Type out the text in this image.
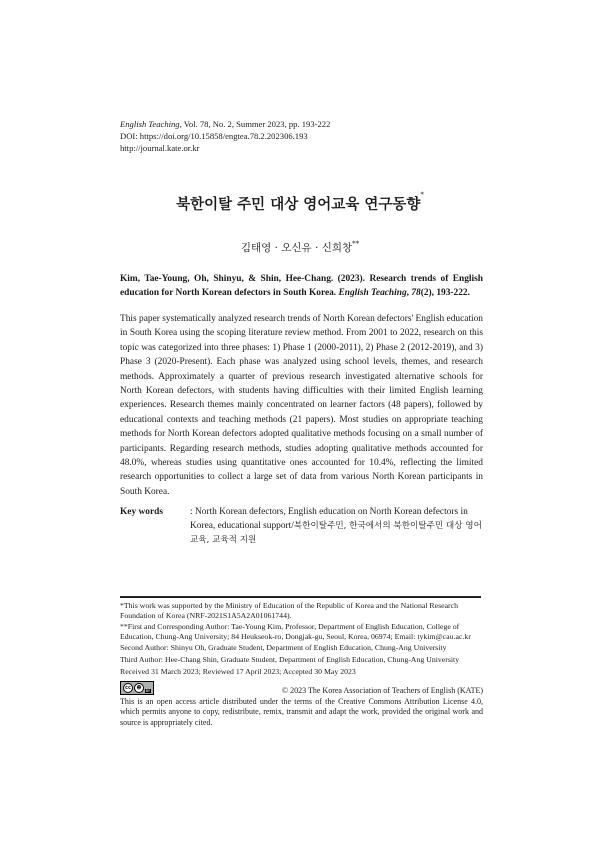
English Teaching, Vol. 78, No. 2, Summer 2023, pp. 193-222
DOI: https://doi.org/10.15858/engtea.78.2.202306.193
http://journal.kate.or.kr
북한이탈 주민 대상 영어교육 연구동향*
김태영 · 오신유 · 신희창**
Kim, Tae-Young, Oh, Shinyu, & Shin, Hee-Chang. (2023). Research trends of English education for North Korean defectors in South Korea. English Teaching, 78(2), 193-222.
This paper systematically analyzed research trends of North Korean defectors' English education in South Korea using the scoping literature review method. From 2001 to 2022, research on this topic was categorized into three phases: 1) Phase 1 (2000-2011), 2) Phase 2 (2012-2019), and 3) Phase 3 (2020-Present). Each phase was analyzed using school levels, themes, and research methods. Approximately a quarter of previous research investigated alternative schools for North Korean defectors, with students having difficulties with their limited English learning experiences. Research themes mainly concentrated on learner factors (48 papers), followed by educational contexts and teaching methods (21 papers). Most studies on appropriate teaching methods for North Korean defectors adopted qualitative methods focusing on a small number of participants. Regarding research methods, studies adopting qualitative methods accounted for 48.0%, whereas studies using quantitative ones accounted for 10.4%, reflecting the limited research opportunities to collect a large set of data from various North Korean participants in South Korea.
Key words	: North Korean defectors, English education on North Korean defectors in Korea, educational support/북한이탈주민, 한국에서의 북한이탈주민 대상 영어교육, 교육적 지원

*This work was supported by the Ministry of Education of the Republic of Korea and the National Research Foundation of Korea (NRF-2021S1A5A2A01061744).

**First and Corresponding Author: Tae-Young Kim, Professor, Department of English Education, College of Education, Chung-Ang University; 84 Heukseok-ro, Dongjak-gu, Seoul, Korea, 06974; Email: tykim@cau.ac.kr

Second Author: Shinyu Oh, Graduate Student, Department of English Education, Chung-Ang University

Third Author: Hee-Chang Shin, Graduate Student, Department of English Education, Chung-Ang University

Received 31 March 2023; Reviewed 17 April 2023; Accepted 30 May 2023

cc	☻
BY	© 2023 The Korea Association of Teachers of English (KATE)
This is an open access article distributed under the terms of the Creative Commons Attribution License 4.0, which permits anyone to copy, redistribute, remix, transmit and adapt the work, provided the original work and source is appropriately cited.
